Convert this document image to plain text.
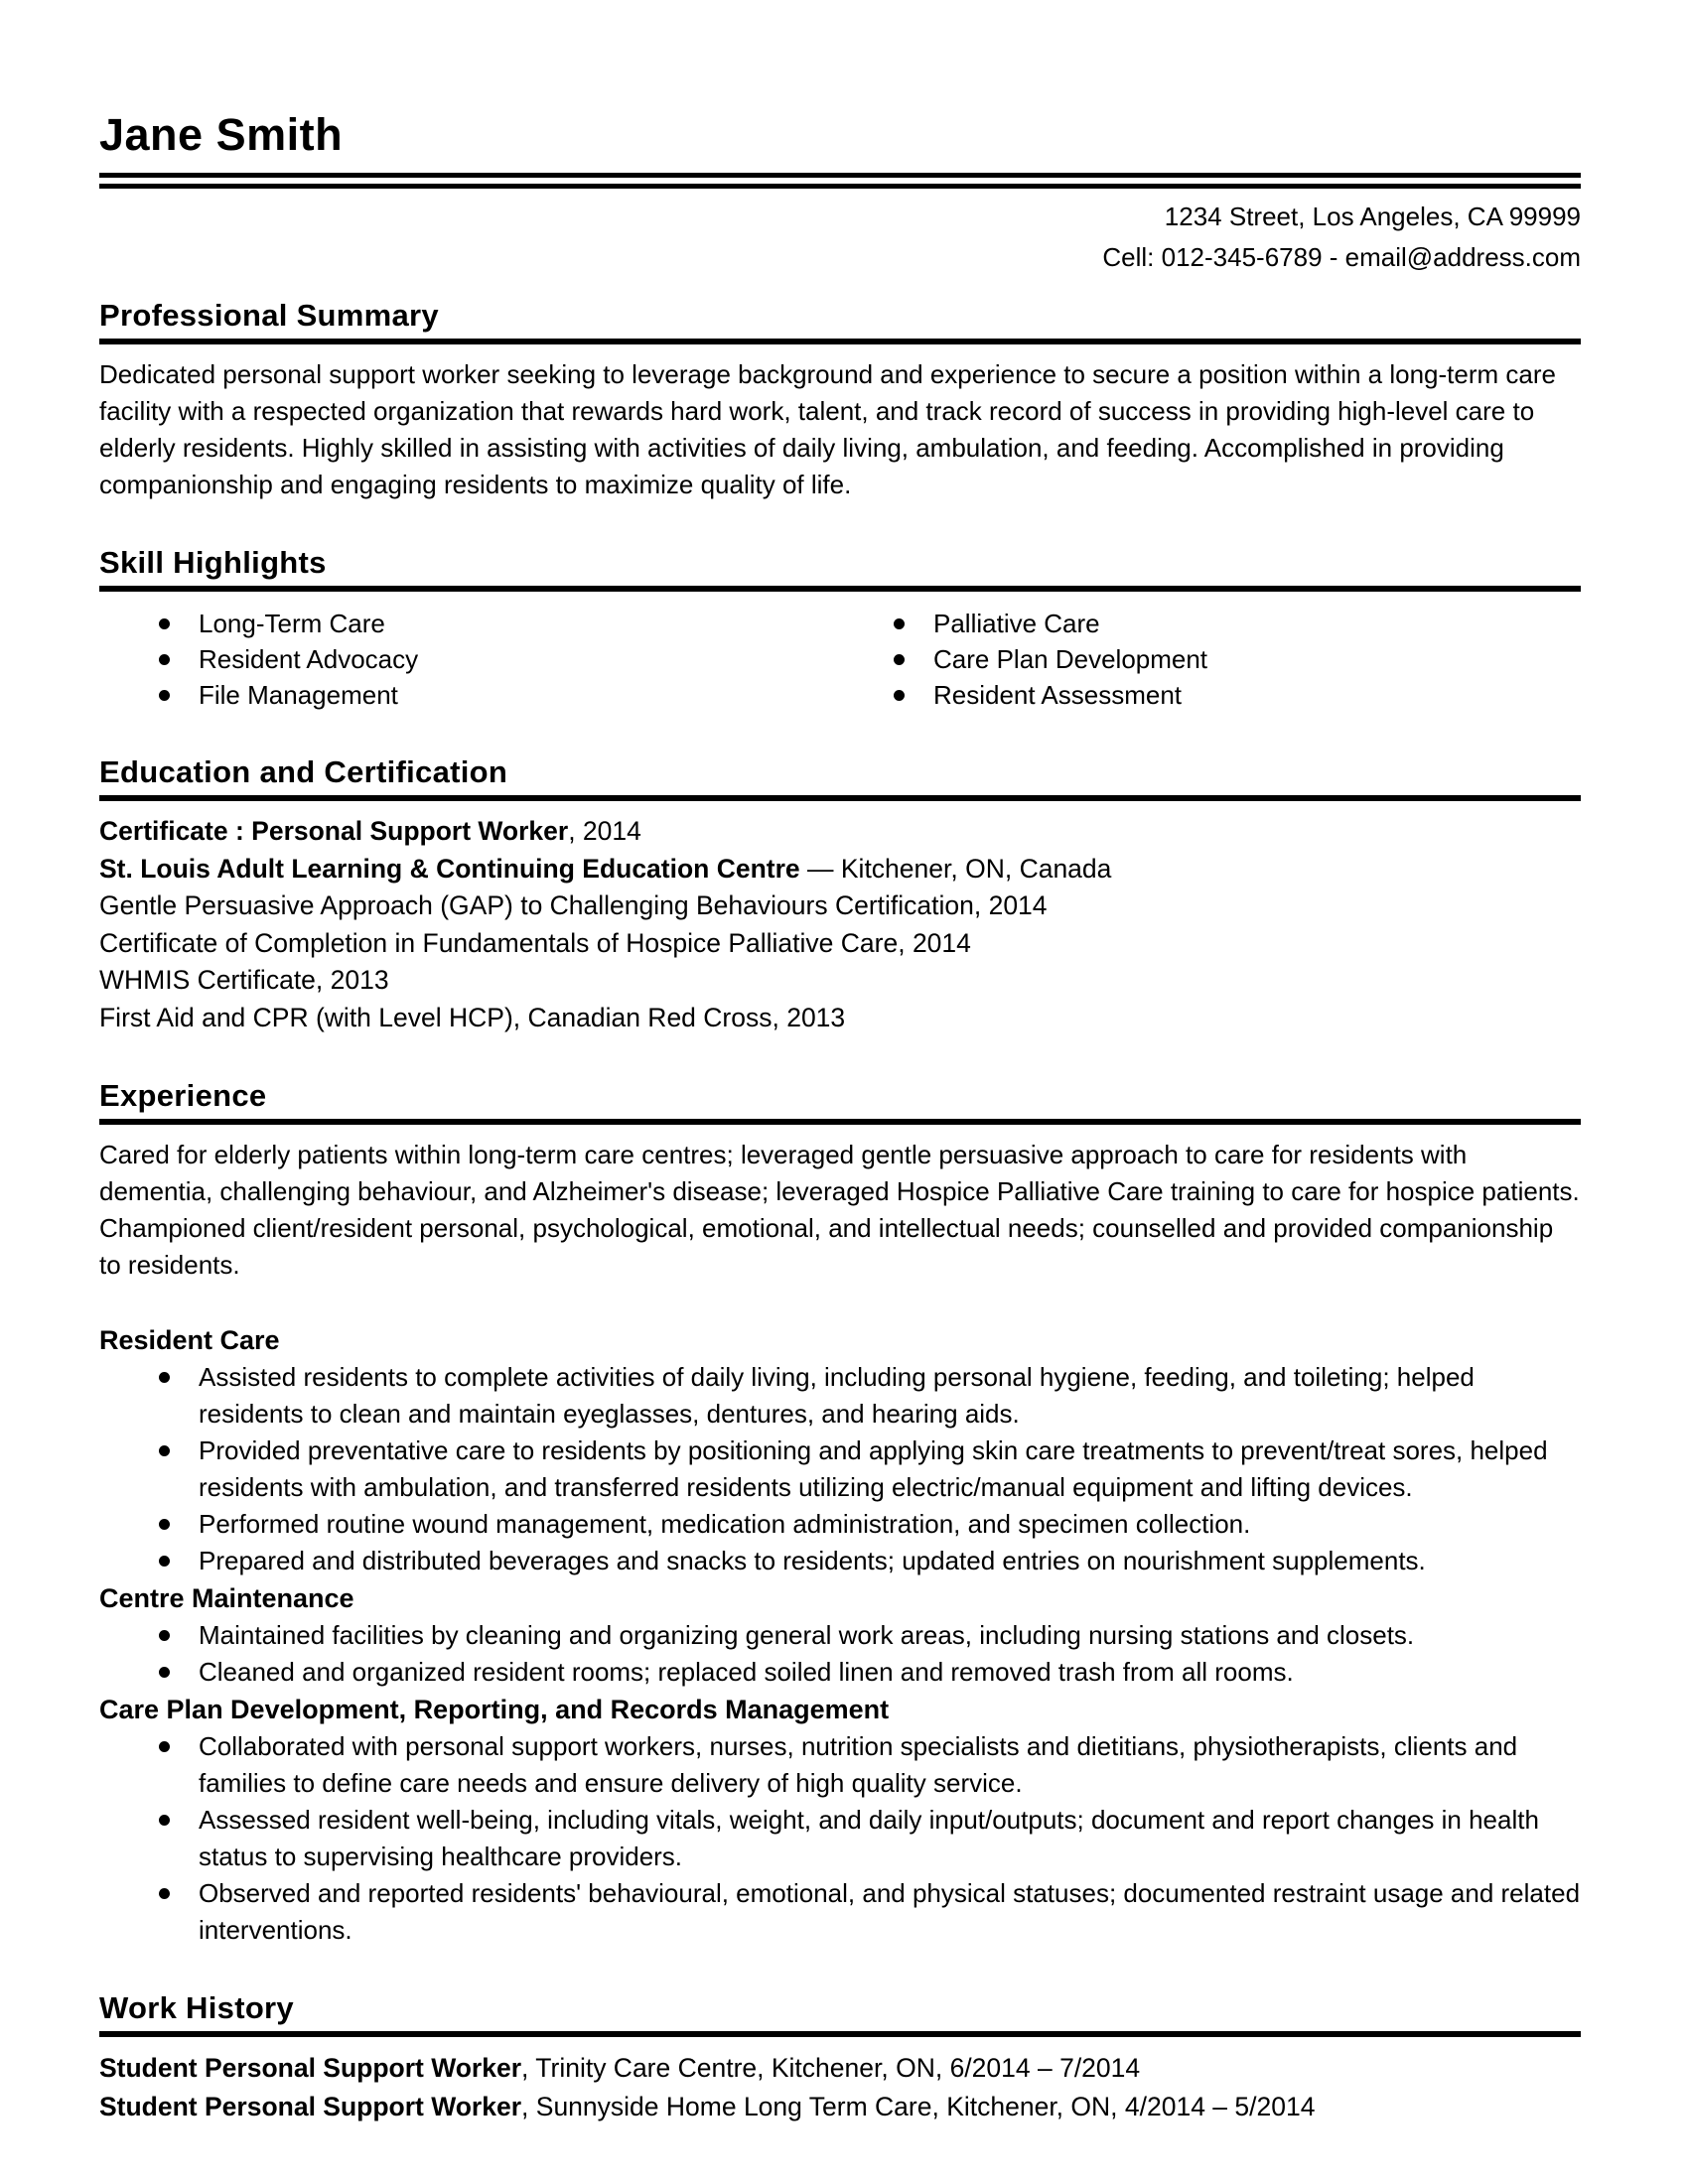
Jane Smith
1234 Street, Los Angeles, CA 99999
Cell: 012-345-6789 - email@address.com
Professional Summary

Dedicated personal support worker seeking to leverage background and experience to secure a position within a long-term care facility with a respected organization that rewards hard work, talent, and track record of success in providing high-level care to elderly residents. Highly skilled in assisting with activities of daily living, ambulation, and feeding. Accomplished in providing companionship and engaging residents to maximize quality of life.

Skill Highlights
Long-Term Care
Resident Advocacy
File Management
Palliative Care
Care Plan Development
Resident Assessment
Education and Certification
Certificate : Personal Support Worker, 2014
St. Louis Adult Learning & Continuing Education Centre — Kitchener, ON, Canada
Gentle Persuasive Approach (GAP) to Challenging Behaviours Certification, 2014
Certificate of Completion in Fundamentals of Hospice Palliative Care, 2014
WHMIS Certificate, 2013
First Aid and CPR (with Level HCP), Canadian Red Cross, 2013
Experience

Cared for elderly patients within long-term care centres; leveraged gentle persuasive approach to care for residents with dementia, challenging behaviour, and Alzheimer's disease; leveraged Hospice Palliative Care training to care for hospice patients. Championed client/resident personal, psychological, emotional, and intellectual needs; counselled and provided companionship to residents.

Resident Care
Assisted residents to complete activities of daily living, including personal hygiene, feeding, and toileting; helped residents to clean and maintain eyeglasses, dentures, and hearing aids.
Provided preventative care to residents by positioning and applying skin care treatments to prevent/treat sores, helped residents with ambulation, and transferred residents utilizing electric/manual equipment and lifting devices.
Performed routine wound management, medication administration, and specimen collection.
Prepared and distributed beverages and snacks to residents; updated entries on nourishment supplements.
Centre Maintenance
Maintained facilities by cleaning and organizing general work areas, including nursing stations and closets.
Cleaned and organized resident rooms; replaced soiled linen and removed trash from all rooms.
Care Plan Development, Reporting, and Records Management
Collaborated with personal support workers, nurses, nutrition specialists and dietitians, physiotherapists, clients and families to define care needs and ensure delivery of high quality service.
Assessed resident well-being, including vitals, weight, and daily input/outputs; document and report changes in health status to supervising healthcare providers.
Observed and reported residents' behavioural, emotional, and physical statuses; documented restraint usage and related interventions.
Work History
Student Personal Support Worker, Trinity Care Centre, Kitchener, ON, 6/2014 – 7/2014
Student Personal Support Worker, Sunnyside Home Long Term Care, Kitchener, ON, 4/2014 – 5/2014
